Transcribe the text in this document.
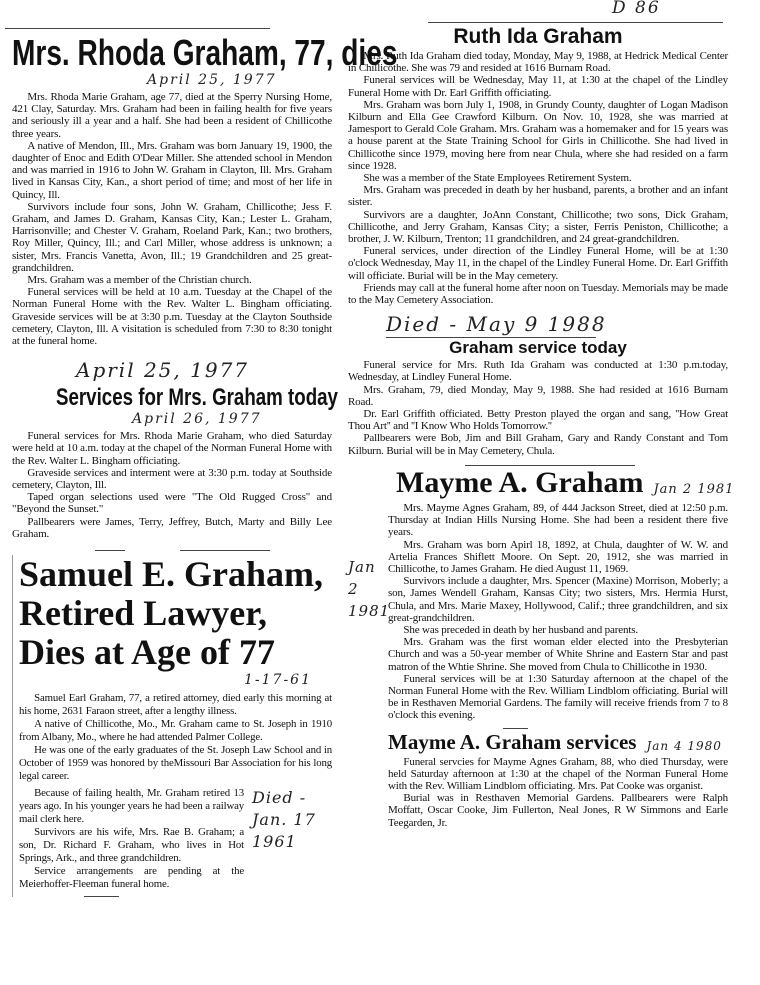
D 86
Mrs. Rhoda Graham, 77, dies
April 25, 1977

Mrs. Rhoda Marie Graham, age 77, died at the Sperry Nursing Home, 421 Clay, Saturday. Mrs. Graham had been in failing health for five years and seriously ill a year and a half. She had been a resident of Chillicothe three years.

A native of Mendon, Ill., Mrs. Graham was born January 19, 1900, the daughter of Enoc and Edith O'Dear Miller. She attended school in Mendon and was married in 1916 to John W. Graham in Clayton, Ill. Mrs. Graham lived in Kansas City, Kan., a short period of time; and most of her life in Quincy, Ill.

Survivors include four sons, John W. Graham, Chillicothe; Jess F. Graham, and James D. Graham, Kansas City, Kan.; Lester L. Graham, Harrisonville; and Chester V. Graham, Roeland Park, Kan.; two brothers, Roy Miller, Quincy, Ill.; and Carl Miller, whose address is unknown; a sister, Mrs. Francis Vanetta, Avon, Ill.; 19 Grandchildren and 25 great-grandchildren.

Mrs. Graham was a member of the Christian church.

Funeral services will be held at 10 a.m. Tuesday at the Chapel of the Norman Funeral Home with the Rev. Walter L. Bingham officiating. Graveside services will be at 3:30 p.m. Tuesday at the Clayton Southside cemetery, Clayton, Ill. A visitation is scheduled from 7:30 to 8:30 tonight at the funeral home.

April 25, 1977
Services for Mrs. Graham today
April 26, 1977

Funeral services for Mrs. Rhoda Marie Graham, who died Saturday were held at 10 a.m. today at the chapel of the Norman Funeral Home with the Rev. Walter L. Bingham officiating.

Graveside services and interment were at 3:30 p.m. today at Southside cemetery, Clayton, Ill.

Taped organ selections used were "The Old Rugged Cross" and "Beyond the Sunset."

Pallbearers were James, Terry, Jeffrey, Butch, Marty and Billy Lee Graham.

Samuel E. Graham,
Retired Lawyer,
Dies at Age of 77
1-17-61

Samuel Earl Graham, 77, a retired attorney, died early this morning at his home, 2631 Faraon street, after a lengthy illness.

A native of Chillicothe, Mo., Mr. Graham came to St. Joseph in 1910 from Albany, Mo., where he had attended Palmer College.

He was one of the early graduates of the St. Joseph Law School and in October of 1959 was honored by theMissouri Bar Association for his long legal career.

Because of failing health, Mr. Graham retired 13 years ago. In his younger years he had been a railway mail clerk here.

Survivors are his wife, Mrs. Rae B. Graham; a son, Dr. Richard F. Graham, who lives in Hot Springs, Ark., and three grandchildren.

Service arrangements are pending at the Meierhoffer-Fleeman funeral home.

Died -
Jan. 17
1961
Ruth Ida Graham

Mrs. Ruth Ida Graham died today, Monday, May 9, 1988, at Hedrick Medical Center in Chillicothe. She was 79 and resided at 1616 Burnam Road.

Funeral services will be Wednesday, May 11, at 1:30 at the chapel of the Lindley Funeral Home with Dr. Earl Griffith officiating.

Mrs. Graham was born July 1, 1908, in Grundy County, daughter of Logan Madison Kilburn and Ella Gee Crawford Kilburn. On Nov. 10, 1928, she was married at Jamesport to Gerald Cole Graham. Mrs. Graham was a homemaker and for 15 years was a house parent at the State Training School for Girls in Chillicothe. She had lived in Chillicothe since 1979, moving here from near Chula, where she had resided on a farm since 1928.

She was a member of the State Employees Retirement System.

Mrs. Graham was preceded in death by her husband, parents, a brother and an infant sister.

Survivors are a daughter, JoAnn Constant, Chillicothe; two sons, Dick Graham, Chillicothe, and Jerry Graham, Kansas City; a sister, Ferris Peniston, Chillicothe; a brother, J. W. Kilburn, Trenton; 11 grandchildren, and 24 great-grandchildren.

Funeral services, under direction of the Lindley Funeral Home, will be at 1:30 o'clock Wednesday, May 11, in the chapel of the Lindley Funeral Home. Dr. Earl Griffith will officiate. Burial will be in the May cemetery.

Friends may call at the funeral home after noon on Tuesday. Memorials may be made to the May Cemetery Association.

Died - May 9 1988
Graham service today

Funeral service for Mrs. Ruth Ida Graham was conducted at 1:30 p.m.today, Wednesday, at Lindley Funeral Home.

Mrs. Graham, 79, died Monday, May 9, 1988. She had resided at 1616 Burnam Road.

Dr. Earl Griffith officiated. Betty Preston played the organ and sang, ''How Great Thou Art'' and ''I Know Who Holds Tomorrow.''

Pallbearers were Bob, Jim and Bill Graham, Gary and Randy Constant and Tom Kilburn. Burial will be in May Cemetery, Chula.

Jan
2
1981
Mayme A. Graham Jan 2 1981

Mrs. Mayme Agnes Graham, 89, of 444 Jackson Street, died at 12:50 p.m. Thursday at Indian Hills Nursing Home. She had been a resident there five years.

Mrs. Graham was born Apirl 18, 1892, at Chula, daughter of W. W. and Artelia Frances Shiflett Moore. On Sept. 20, 1912, she was married in Chillicothe, to James Graham. He died August 11, 1969.

Survivors include a daughter, Mrs. Spencer (Maxine) Morrison, Moberly; a son, James Wendell Graham, Kansas City; two sisters, Mrs. Hermia Hurst, Chula, and Mrs. Marie Maxey, Hollywood, Calif.; three grandchildren, and six great-grandchildren.

She was preceded in death by her husband and parents.

Mrs. Graham was the first woman elder elected into the Presbyterian Church and was a 50-year member of White Shrine and Eastern Star and past matron of the Whtie Shrine. She moved from Chula to Chillicothe in 1930.

Funeral services will be at 1:30 Saturday afternoon at the chapel of the Norman Funeral Home with the Rev. William Lindblom officiating. Burial will be in Resthaven Memorial Gardens. The family will receive friends from 7 to 8 o'clock this evening.

Mayme A. Graham services Jan 4 1980

Funeral servcies for Mayme Agnes Graham, 88, who died Thursday, were held Saturday afternoon at 1:30 at the chapel of the Norman Funeral Home with the Rev. William Lindblom officiating. Mrs. Pat Cooke was organist.

Burial was in Resthaven Memorial Gardens. Pallbearers were Ralph Moffatt, Oscar Cooke, Jim Fullerton, Neal Jones, R W Simmons and Earle Teegarden, Jr.
